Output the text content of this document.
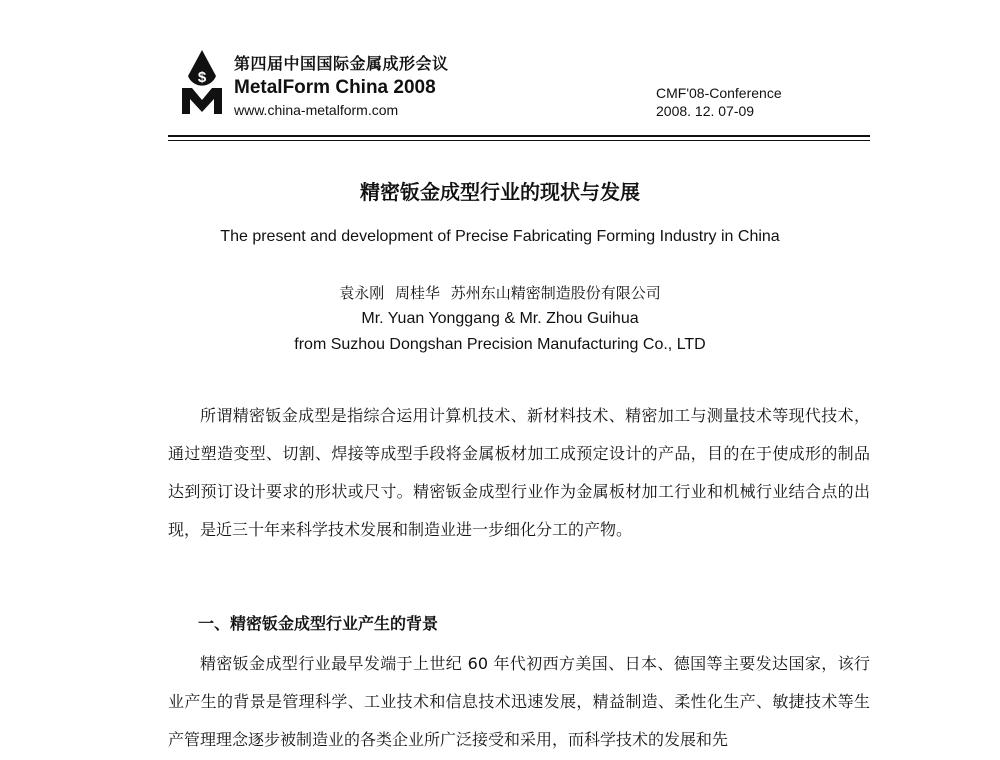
$
第四届中国国际金属成形会议
MetalForm China 2008
www.china-metalform.com
CMF'08-Conference
2008. 12. 07-09
精密钣金成型行业的现状与发展
The present and development of Precise Fabricating Forming Industry in China
袁永刚 周桂华 苏州东山精密制造股份有限公司
Mr. Yuan Yonggang & Mr. Zhou Guihua
from Suzhou Dongshan Precision Manufacturing Co., LTD
所谓精密钣金成型是指综合运用计算机技术、新材料技术、精密加工与测量技术等现代技术，通过塑造变型、切割、焊接等成型手段将金属板材加工成预定设计的产品，目的在于使成形的制品达到预订设计要求的形状或尺寸。精密钣金成型行业作为金属板材加工行业和机械行业结合点的出现，是近三十年来科学技术发展和制造业进一步细化分工的产物。
一、精密钣金成型行业产生的背景
精密钣金成型行业最早发端于上世纪 60 年代初西方美国、日本、德国等主要发达国家，该行业产生的背景是管理科学、工业技术和信息技术迅速发展，精益制造、柔性化生产、敏捷技术等生产管理理念逐步被制造业的各类企业所广泛接受和采用，而科学技术的发展和先
